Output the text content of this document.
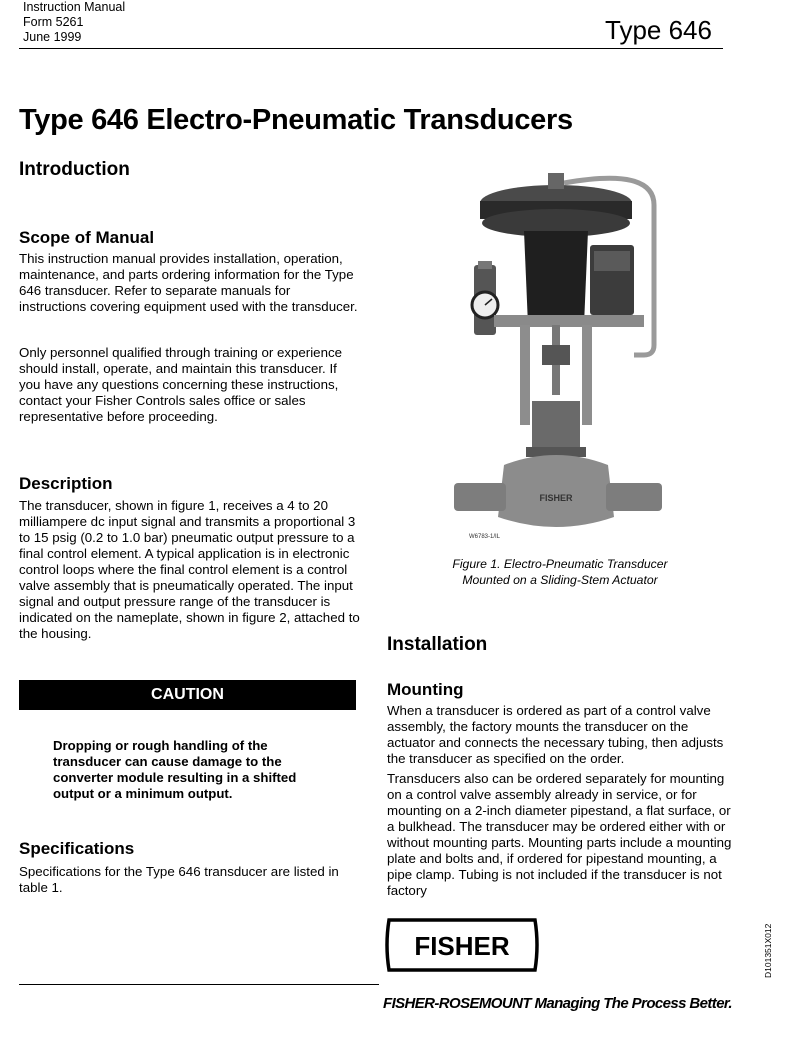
Instruction Manual
Form 5261
June 1999	Type 646
Type 646 Electro-Pneumatic Transducers
Introduction
Scope of Manual

This instruction manual provides installation, operation, maintenance, and parts ordering information for the Type 646 transducer. Refer to separate manuals for instructions covering equipment used with the transducer.

Only personnel qualified through training or experience should install, operate, and maintain this transducer. If you have any questions concerning these instructions, contact your Fisher Controls sales office or sales representative before proceeding.

Description

The transducer, shown in figure 1, receives a 4 to 20 milliampere dc input signal and transmits a proportional 3 to 15 psig (0.2 to 1.0 bar) pneumatic output pressure to a final control element. A typical application is in electronic control loops where the final control element is a control valve assembly that is pneumatically operated. The input signal and output pressure range of the transducer is indicated on the nameplate, shown in figure 2, attached to the housing.

CAUTION
Dropping or rough handling of the transducer can cause damage to the converter module resulting in a shifted output or a minimum output.
Specifications

Specifications for the Type 646 transducer are listed in table 1.

FISHER
W6783-1/IL
Figure 1. Electro-Pneumatic Transducer
Mounted on a Sliding-Stem Actuator
Installation
Mounting

When a transducer is ordered as part of a control valve assembly, the factory mounts the transducer on the actuator and connects the necessary tubing, then adjusts the transducer as specified on the order.

Transducers also can be ordered separately for mounting on a control valve assembly already in service, or for mounting on a 2-inch diameter pipestand, a flat surface, or a bulkhead. The transducer may be ordered either with or without mounting parts. Mounting parts include a mounting plate and bolts and, if ordered for pipestand mounting, a pipe clamp. Tubing is not included if the transducer is not factory

FISHER
FISHER-ROSEMOUNT Managing The Process Better.
D101351X012
